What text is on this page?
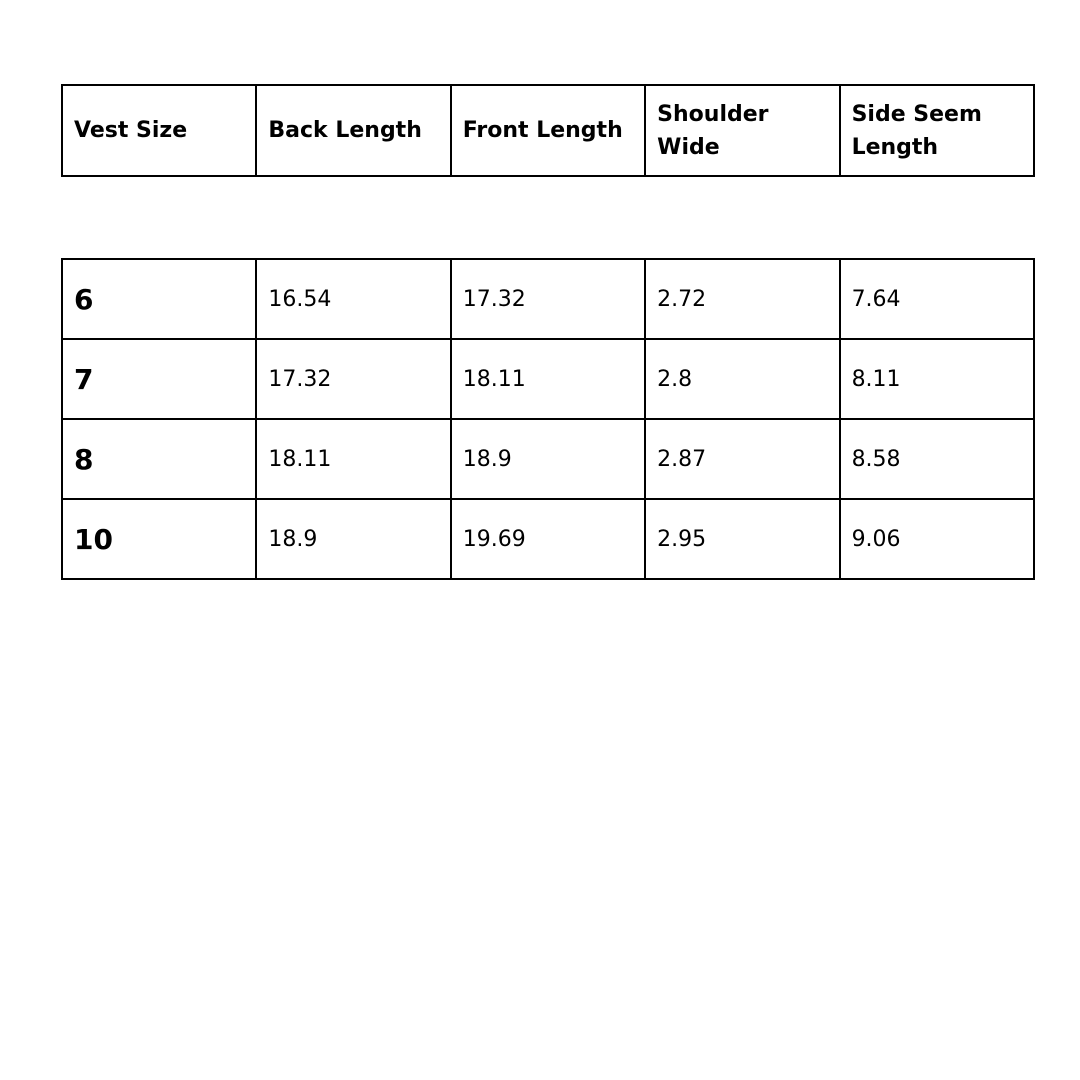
Vest Size	Back Length	Front Length	Shoulder Wide	Side Seem Length
6	16.54	17.32	2.72	7.64
7	17.32	18.11	2.8	8.11
8	18.11	18.9	2.87	8.58
10	18.9	19.69	2.95	9.06
